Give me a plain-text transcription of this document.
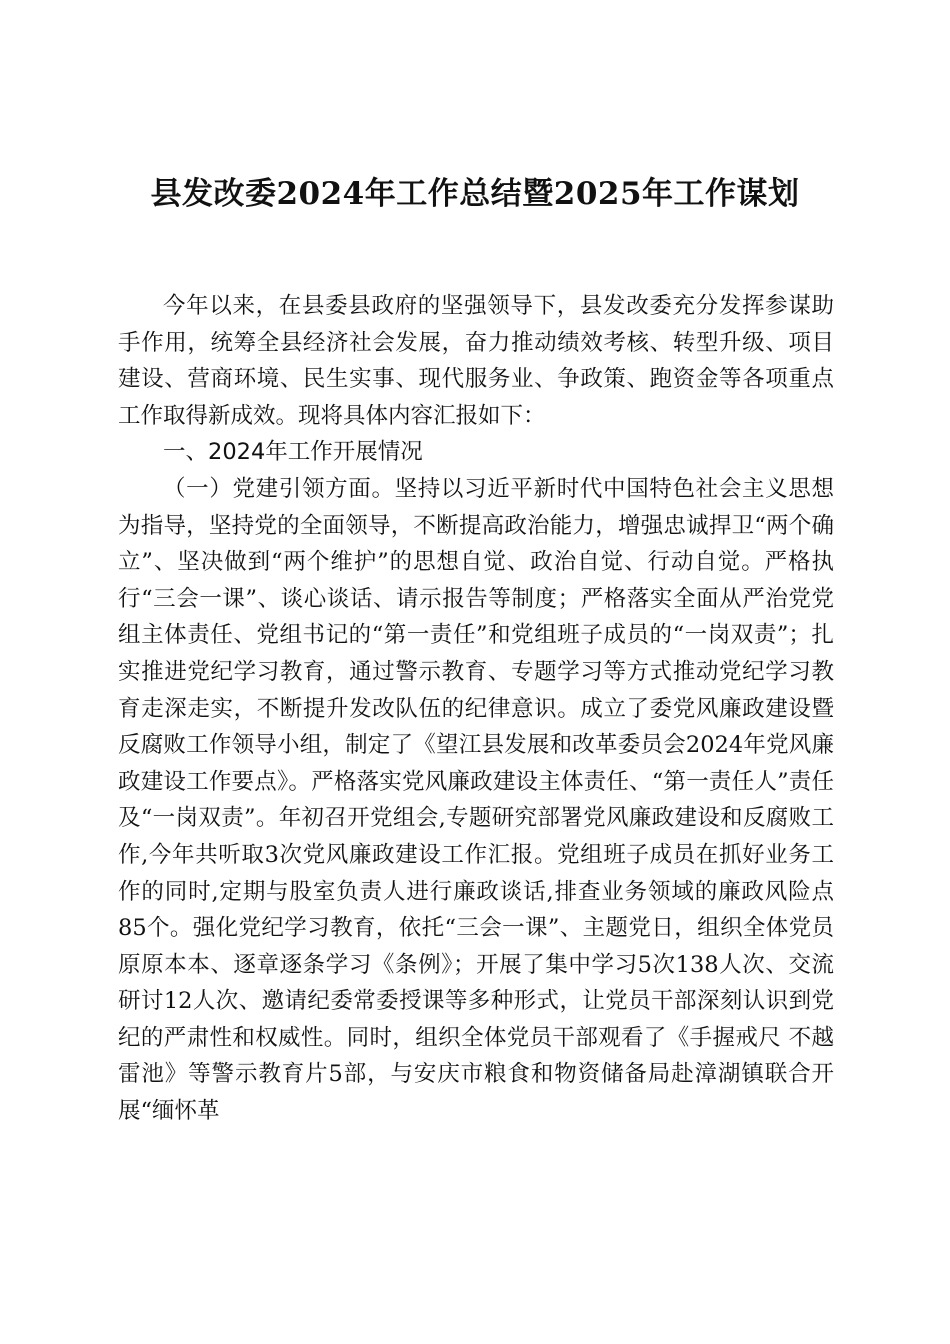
县发改委2024年工作总结暨2025年工作谋划

今年以来，在县委县政府的坚强领导下，县发改委充分发挥参谋助手作用，统筹全县经济社会发展，奋力推动绩效考核、转型升级、项目建设、营商环境、民生实事、现代服务业、争政策、跑资金等各项重点工作取得新成效。现将具体内容汇报如下：

一、2024年工作开展情况

（一）党建引领方面。坚持以习近平新时代中国特色社会主义思想为指导，坚持党的全面领导，不断提高政治能力，增强忠诚捍卫“两个确立”、坚决做到“两个维护”的思想自觉、政治自觉、行动自觉。严格执行“三会一课”、谈心谈话、请示报告等制度；严格落实全面从严治党党组主体责任、党组书记的“第一责任”和党组班子成员的“一岗双责”；扎实推进党纪学习教育，通过警示教育、专题学习等方式推动党纪学习教育走深走实，不断提升发改队伍的纪律意识。成立了委党风廉政建设暨反腐败工作领导小组，制定了《望江县发展和改革委员会2024年党风廉政建设工作要点》。严格落实党风廉政建设主体责任、“第一责任人”责任及“一岗双责”。年初召开党组会,专题研究部署党风廉政建设和反腐败工作,今年共听取3次党风廉政建设工作汇报。党组班子成员在抓好业务工作的同时,定期与股室负责人进行廉政谈话,排查业务领域的廉政风险点85个。强化党纪学习教育，依托“三会一课”、主题党日，组织全体党员原原本本、逐章逐条学习《条例》；开展了集中学习5次138人次、交流研讨12人次、邀请纪委常委授课等多种形式，让党员干部深刻认识到党纪的严肃性和权威性。同时，组织全体党员干部观看了《手握戒尺 不越雷池》等警示教育片5部，与安庆市粮食和物资储备局赴漳湖镇联合开展“缅怀革
